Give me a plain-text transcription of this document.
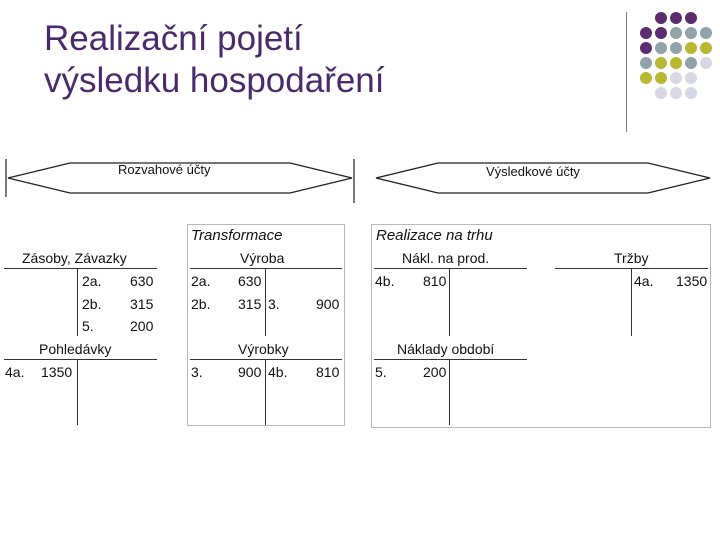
Realizační pojetí
výsledku hospodaření
Rozvahové účty	Výsledkové účty
Transformace	Realizace na trhu
Zásoby, Závazky
2a. 630
2b. 315
5.	200
Pohledávky
4a. 1350
Výroba
2a. 630
2b. 315 3.	900
Výrobky
3.	900 4b. 810
Nákl. na prod.
4b. 810
Tržby
4a. 1350
Náklady období
5.	200
